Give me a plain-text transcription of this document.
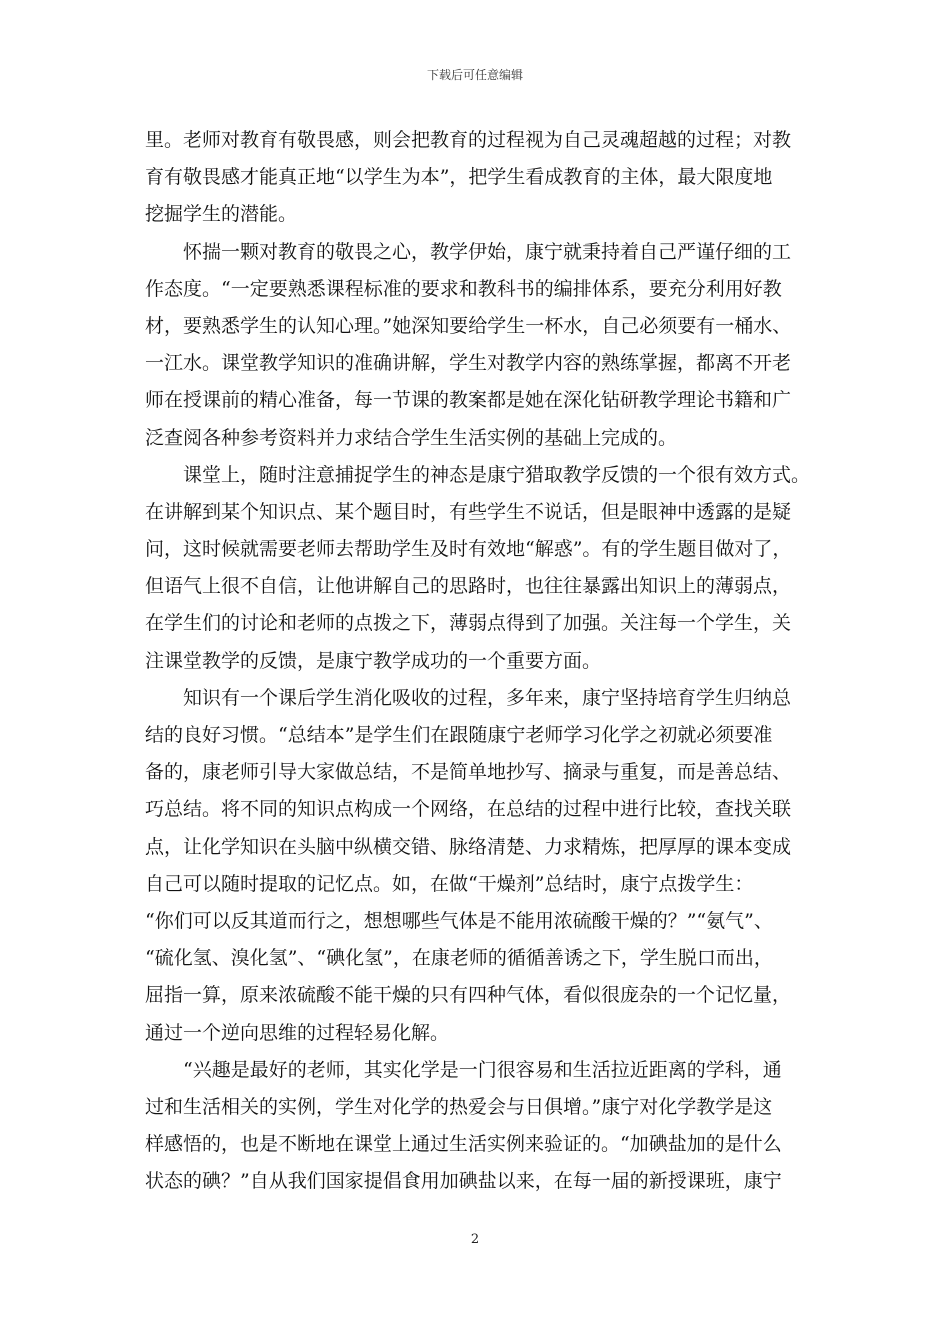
下载后可任意编辑
里。老师对教育有敬畏感，则会把教育的过程视为自己灵魂超越的过程；对教
育有敬畏感才能真正地“以学生为本”，把学生看成教育的主体，最大限度地
挖掘学生的潜能。
怀揣一颗对教育的敬畏之心，教学伊始，康宁就秉持着自己严谨仔细的工
作态度。“一定要熟悉课程标准的要求和教科书的编排体系，要充分利用好教
材，要熟悉学生的认知心理。”她深知要给学生一杯水，自己必须要有一桶水、
一江水。课堂教学知识的准确讲解，学生对教学内容的熟练掌握，都离不开老
师在授课前的精心准备，每一节课的教案都是她在深化钻研教学理论书籍和广
泛查阅各种参考资料并力求结合学生生活实例的基础上完成的。
课堂上，随时注意捕捉学生的神态是康宁猎取教学反馈的一个很有效方式。
在讲解到某个知识点、某个题目时，有些学生不说话，但是眼神中透露的是疑
问，这时候就需要老师去帮助学生及时有效地“解惑”。有的学生题目做对了，
但语气上很不自信，让他讲解自己的思路时，也往往暴露出知识上的薄弱点，
在学生们的讨论和老师的点拨之下，薄弱点得到了加强。关注每一个学生，关
注课堂教学的反馈，是康宁教学成功的一个重要方面。
知识有一个课后学生消化吸收的过程，多年来，康宁坚持培育学生归纳总
结的良好习惯。“总结本”是学生们在跟随康宁老师学习化学之初就必须要准
备的，康老师引导大家做总结，不是简单地抄写、摘录与重复，而是善总结、
巧总结。将不同的知识点构成一个网络，在总结的过程中进行比较，查找关联
点，让化学知识在头脑中纵横交错、脉络清楚、力求精炼，把厚厚的课本变成
自己可以随时提取的记忆点。如，在做“干燥剂”总结时，康宁点拨学生：
“你们可以反其道而行之，想想哪些气体是不能用浓硫酸干燥的？”“氨气”、
“硫化氢、溴化氢”、“碘化氢”，在康老师的循循善诱之下，学生脱口而出，
屈指一算，原来浓硫酸不能干燥的只有四种气体，看似很庞杂的一个记忆量，
通过一个逆向思维的过程轻易化解。
“兴趣是最好的老师，其实化学是一门很容易和生活拉近距离的学科，通
过和生活相关的实例，学生对化学的热爱会与日俱增。”康宁对化学教学是这
样感悟的，也是不断地在课堂上通过生活实例来验证的。“加碘盐加的是什么
状态的碘？”自从我们国家提倡食用加碘盐以来，在每一届的新授课班，康宁
2
